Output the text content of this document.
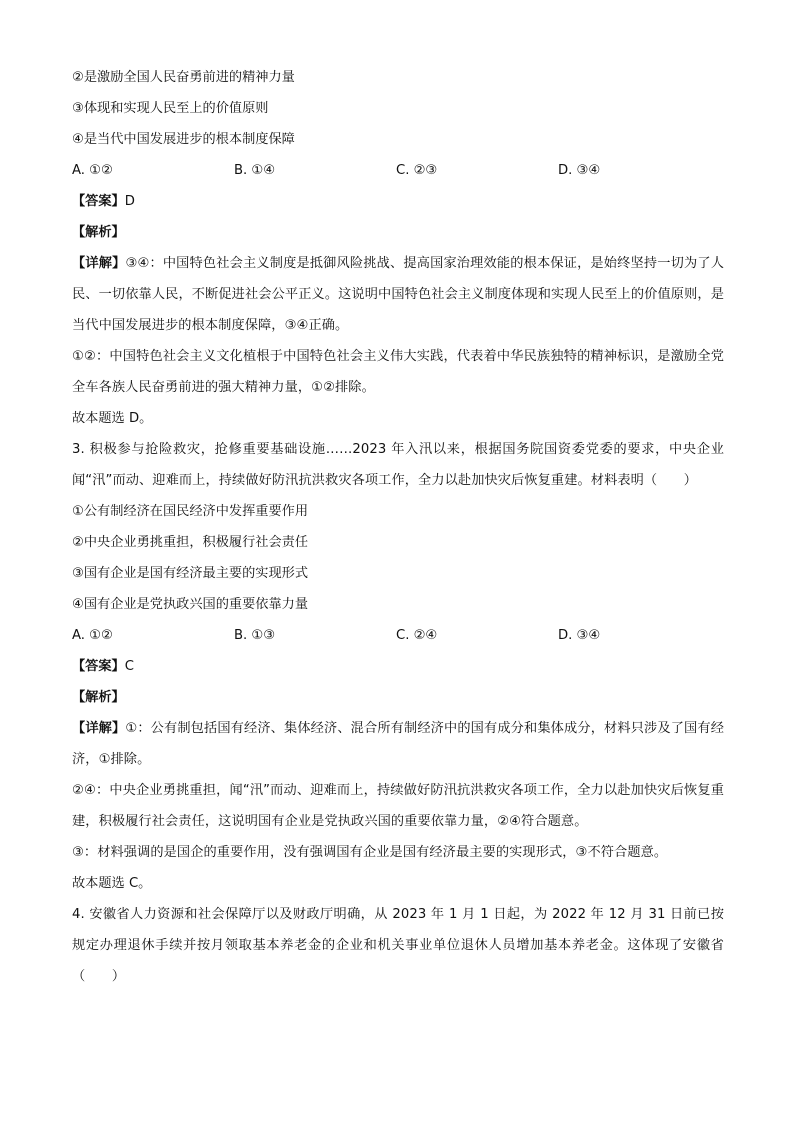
②是激励全国人民奋勇前进的精神力量
③体现和实现人民至上的价值原则
④是当代中国发展进步的根本制度保障
A. ①②	B. ①④	C. ②③	D. ③④
【答案】D
【解析】
【详解】③④：中国特色社会主义制度是抵御风险挑战、提高国家治理效能的根本保证，是始终坚持一切为了人民、一切依靠人民，不断促进社会公平正义。这说明中国特色社会主义制度体现和实现人民至上的价值原则，是当代中国发展进步的根本制度保障，③④正确。
①②：中国特色社会主义文化植根于中国特色社会主义伟大实践，代表着中华民族独特的精神标识，是激励全党全车各族人民奋勇前进的强大精神力量，①②排除。
故本题选 D。
3. 积极参与抢险救灾，抢修重要基础设施……2023 年入汛以来，根据国务院国资委党委的要求，中央企业闻“汛”而动、迎难而上，持续做好防汛抗洪救灾各项工作，全力以赴加快灾后恢复重建。材料表明（　　）
①公有制经济在国民经济中发挥重要作用
②中央企业勇挑重担，积极履行社会责任
③国有企业是国有经济最主要的实现形式
④国有企业是党执政兴国的重要依靠力量
A. ①②	B. ①③	C. ②④	D. ③④
【答案】C
【解析】
【详解】①：公有制包括国有经济、集体经济、混合所有制经济中的国有成分和集体成分，材料只涉及了国有经济，①排除。
②④：中央企业勇挑重担，闻“汛”而动、迎难而上，持续做好防汛抗洪救灾各项工作，全力以赴加快灾后恢复重建，积极履行社会责任，这说明国有企业是党执政兴国的重要依靠力量，②④符合题意。
③：材料强调的是国企的重要作用，没有强调国有企业是国有经济最主要的实现形式，③不符合题意。
故本题选 C。
4. 安徽省人力资源和社会保障厅以及财政厅明确，从 2023 年 1 月 1 日起，为 2022 年 12 月 31 日前已按规定办理退休手续并按月领取基本养老金的企业和机关事业单位退休人员增加基本养老金。这体现了安徽省（　　）
